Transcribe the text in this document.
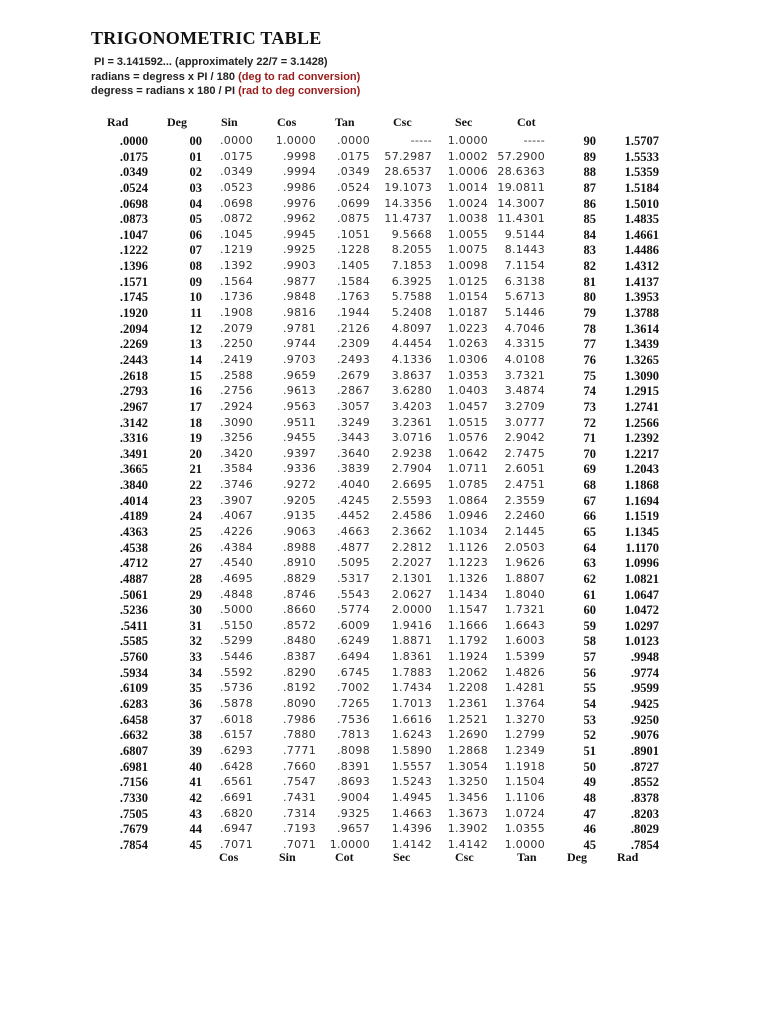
TRIGONOMETRIC TABLE
PI = 3.141592... (approximately 22/7 = 3.1428)
radians = degress x PI / 180 (deg to rad conversion)
degress = radians x 180 / PI (rad to deg conversion)
Rad	Deg	Sin	Cos	Tan	Csc	Sec	Cot
.0000	00 .0000 1.0000 .0000	----- 1.0000	-----	90 1.5707
.0175	01 .0175	.9998 .0175 57.2987 1.0002 57.2900	89 1.5533
.0349	02 .0349	.9994 .0349 28.6537 1.0006 28.6363	88 1.5359
.0524	03 .0523	.9986 .0524 19.1073 1.0014 19.0811	87 1.5184
.0698	04 .0698	.9976 .0699 14.3356 1.0024 14.3007	86 1.5010
.0873	05 .0872	.9962 .0875 11.4737 1.0038 11.4301	85 1.4835
.1047	06 .1045	.9945 .1051 9.5668 1.0055 9.5144	84 1.4661
.1222	07 .1219	.9925 .1228 8.2055 1.0075 8.1443	83 1.4486
.1396	08 .1392	.9903 .1405 7.1853 1.0098 7.1154	82 1.4312
.1571	09 .1564	.9877 .1584 6.3925 1.0125 6.3138	81 1.4137
.1745	10 .1736	.9848 .1763 5.7588 1.0154 5.6713	80 1.3953
.1920	11 .1908	.9816 .1944 5.2408 1.0187 5.1446	79 1.3788
.2094	12 .2079	.9781 .2126 4.8097 1.0223 4.7046	78 1.3614
.2269	13 .2250	.9744 .2309 4.4454 1.0263 4.3315	77 1.3439
.2443	14 .2419	.9703 .2493 4.1336 1.0306 4.0108	76 1.3265
.2618	15 .2588	.9659 .2679 3.8637 1.0353 3.7321	75 1.3090
.2793	16 .2756	.9613 .2867 3.6280 1.0403 3.4874	74 1.2915
.2967	17 .2924	.9563 .3057 3.4203 1.0457 3.2709	73 1.2741
.3142	18 .3090	.9511 .3249 3.2361 1.0515 3.0777	72 1.2566
.3316	19 .3256	.9455 .3443 3.0716 1.0576 2.9042	71 1.2392
.3491	20 .3420	.9397 .3640 2.9238 1.0642 2.7475	70 1.2217
.3665	21 .3584	.9336 .3839 2.7904 1.0711 2.6051	69 1.2043
.3840	22 .3746	.9272 .4040 2.6695 1.0785 2.4751	68 1.1868
.4014	23 .3907	.9205 .4245 2.5593 1.0864 2.3559	67 1.1694
.4189	24 .4067	.9135 .4452 2.4586 1.0946 2.2460	66 1.1519
.4363	25 .4226	.9063 .4663 2.3662 1.1034 2.1445	65 1.1345
.4538	26 .4384	.8988 .4877 2.2812 1.1126 2.0503	64 1.1170
.4712	27 .4540	.8910 .5095 2.2027 1.1223 1.9626	63 1.0996
.4887	28 .4695	.8829 .5317 2.1301 1.1326 1.8807	62 1.0821
.5061	29 .4848	.8746 .5543 2.0627 1.1434 1.8040	61 1.0647
.5236	30 .5000	.8660 .5774 2.0000 1.1547 1.7321	60 1.0472
.5411	31 .5150	.8572 .6009 1.9416 1.1666 1.6643	59 1.0297
.5585	32 .5299	.8480 .6249 1.8871 1.1792 1.6003	58 1.0123
.5760	33 .5446	.8387 .6494 1.8361 1.1924 1.5399	57	.9948
.5934	34 .5592	.8290 .6745 1.7883 1.2062 1.4826	56	.9774
.6109	35 .5736	.8192 .7002 1.7434 1.2208 1.4281	55	.9599
.6283	36 .5878	.8090 .7265 1.7013 1.2361 1.3764	54	.9425
.6458	37 .6018	.7986 .7536 1.6616 1.2521 1.3270	53	.9250
.6632	38 .6157	.7880 .7813 1.6243 1.2690 1.2799	52	.9076
.6807	39 .6293	.7771 .8098 1.5890 1.2868 1.2349	51	.8901
.6981	40 .6428	.7660 .8391 1.5557 1.3054 1.1918	50	.8727
.7156	41 .6561	.7547 .8693 1.5243 1.3250 1.1504	49	.8552
.7330	42 .6691	.7431 .9004 1.4945 1.3456 1.1106	48	.8378
.7505	43 .6820	.7314 .9325 1.4663 1.3673 1.0724	47	.8203
.7679	44 .6947	.7193 .9657 1.4396 1.3902 1.0355	46	.8029
.7854	45 .7071	.7071 1.0000 1.4142 1.4142 1.0000	45	.7854
Cos	Sin	Cot	Sec	Csc	Tan	Deg	Rad
